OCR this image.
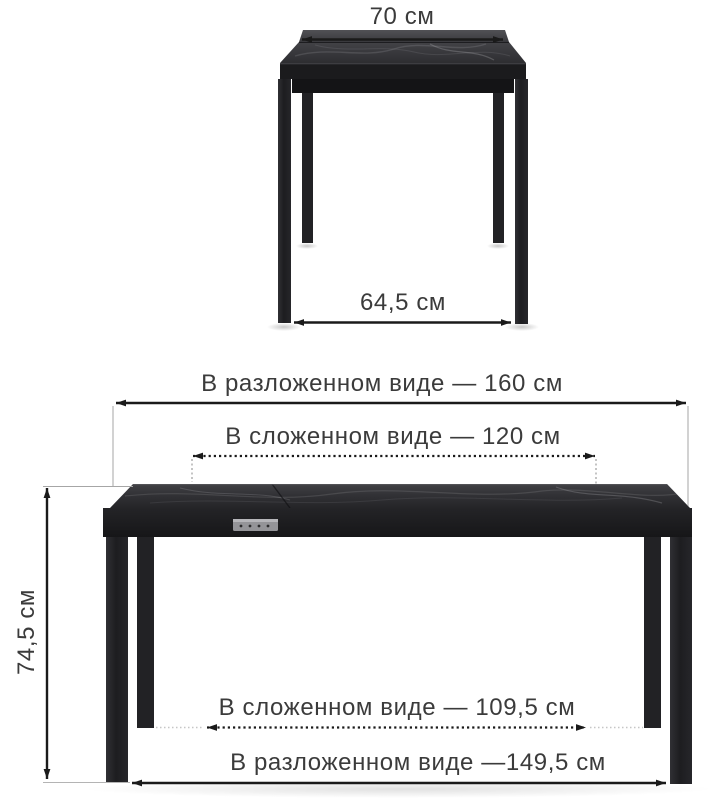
70 см
64,5 см
В разложенном виде — 160 см
В сложенном виде — 120 см
74,5 см
В сложенном виде — 109,5 см
В разложенном виде —149,5 см
